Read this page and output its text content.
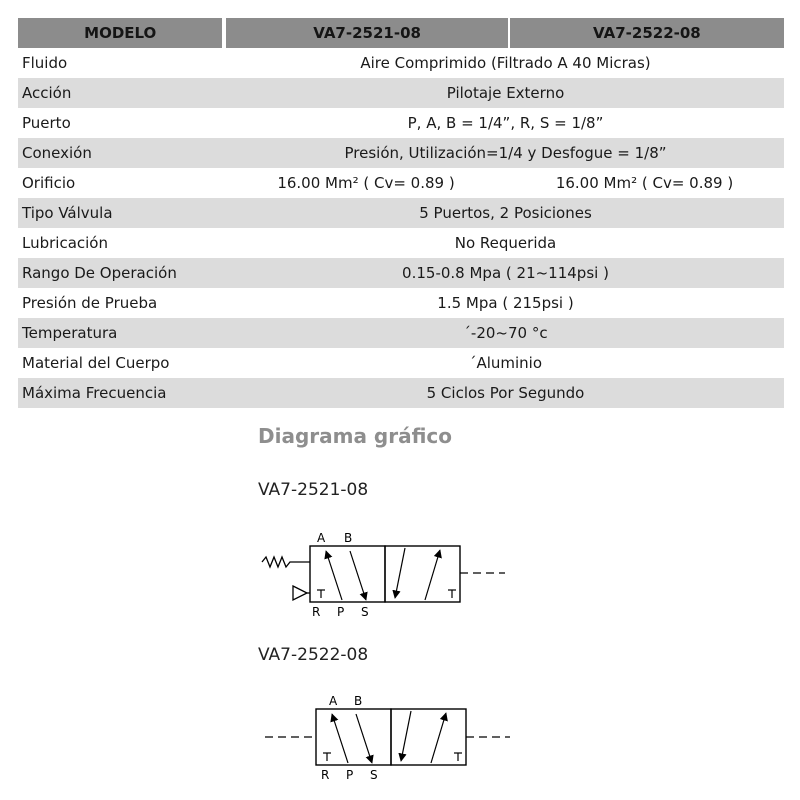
MODELO	VA7-2521-08	VA7-2522-08
Fluido	Aire Comprimido (Filtrado A 40 Micras)
Acción	Pilotaje Externo
Puerto	P, A, B = 1/4”, R, S = 1/8”
Conexión	Presión, Utilización=1/4 y Desfogue = 1/8”
Orificio	16.00 Mm² ( Cv= 0.89 )	16.00 Mm² ( Cv= 0.89 )
Tipo Válvula	5 Puertos, 2 Posiciones
Lubricación	No Requerida
Rango De Operación	0.15-0.8 Mpa ( 21~114psi )
Presión de Prueba	1.5 Mpa ( 215psi )
Temperatura	´-20~70 °c
Material del Cuerpo	´Aluminio
Máxima Frecuencia	5 Ciclos Por Segundo
Diagrama gráfico
VA7-2521-08
A B
R P S
VA7-2522-08
A B
R P S
